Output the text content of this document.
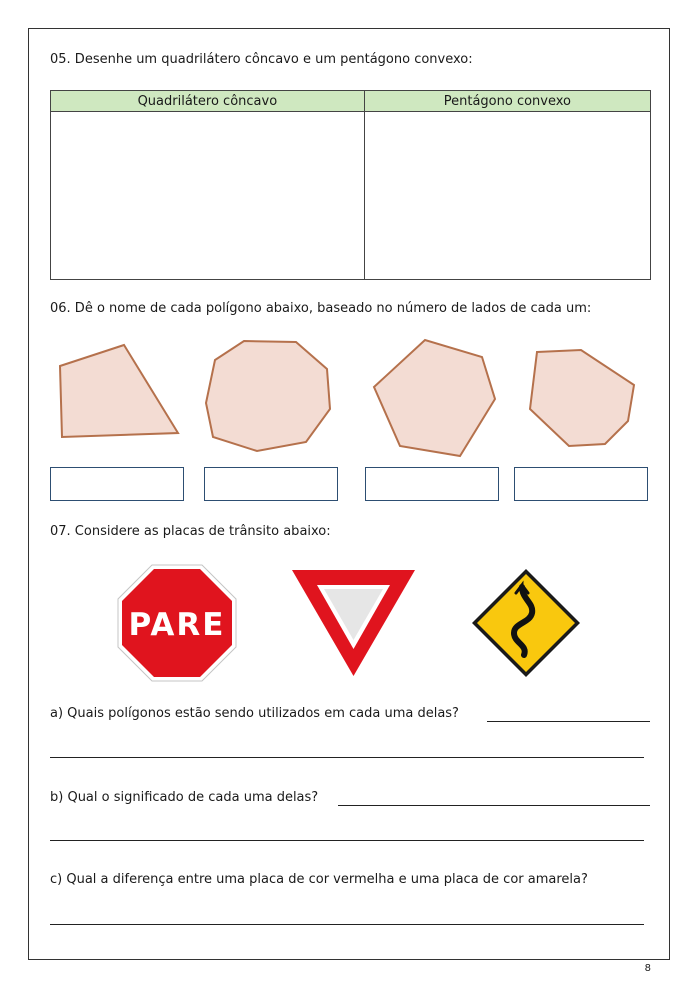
05. Desenhe um quadrilátero côncavo e um pentágono convexo:
Quadrilátero côncavo	Pentágono convexo

06. Dê o nome de cada polígono abaixo, baseado no número de lados de cada um:
07. Considere as placas de trânsito abaixo:
PARE
a) Quais polígonos estão sendo utilizados em cada uma delas?
b) Qual o significado de cada uma delas?
c) Qual a diferença entre uma placa de cor vermelha e uma placa de cor amarela?
8
